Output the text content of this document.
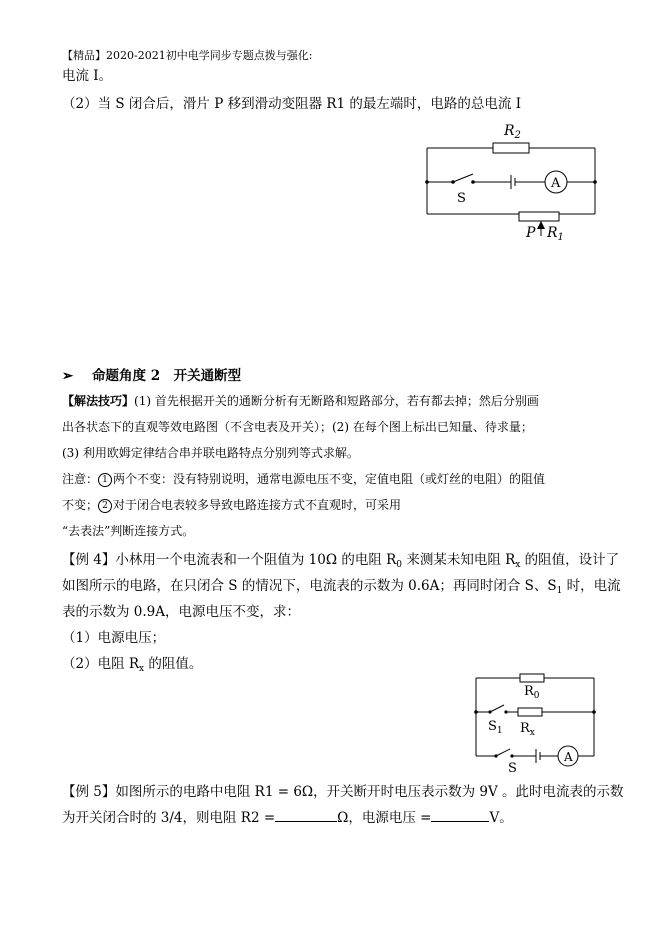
【精品】2020-2021初中电学同步专题点拨与强化:
电流 I。
（2）当 S 闭合后，滑片 P 移到滑动变阻器 R1 的最左端时，电路的总电流 I
$R_2$
S
A
P $R_1$
➢ 命题角度 2　开关通断型
【解法技巧】(1) 首先根据开关的通断分析有无断路和短路部分，若有都去掉；然后分别画
出各状态下的直观等效电路图（不含电表及开关）；(2) 在每个图上标出已知量、待求量；
(3) 利用欧姆定律结合串并联电路特点分别列等式求解。
注意： 1 两个不变：没有特别说明，通常电源电压不变，定值电阻（或灯丝的电阻）的阻值
不变； 2 对于闭合电表较多导致电路连接方式不直观时，可采用
“去表法”判断连接方式。
【例 4】小林用一个电流表和一个阻值为 10Ω 的电阻 $R_0$ 来测某未知电阻 $R_x$ 的阻值，设计了
如图所示的电路，在只闭合 S 的情况下，电流表的示数为 0.6A；再同时闭合 S、$S_1$ 时，电流
表的示数为 0.9A，电源电压不变，求：
（1）电源电压；
（2）电阻 $R_x$ 的阻值。
$R_0$
$R_x$
$S_1$
S
A
【例 5】如图所示的电路中电阻 R1 = 6Ω，开关断开时电压表示数为 9V 。此时电流表的示数
为开关闭合时的 3/4，则电阻 R2 =	Ω，电源电压 =	V。
